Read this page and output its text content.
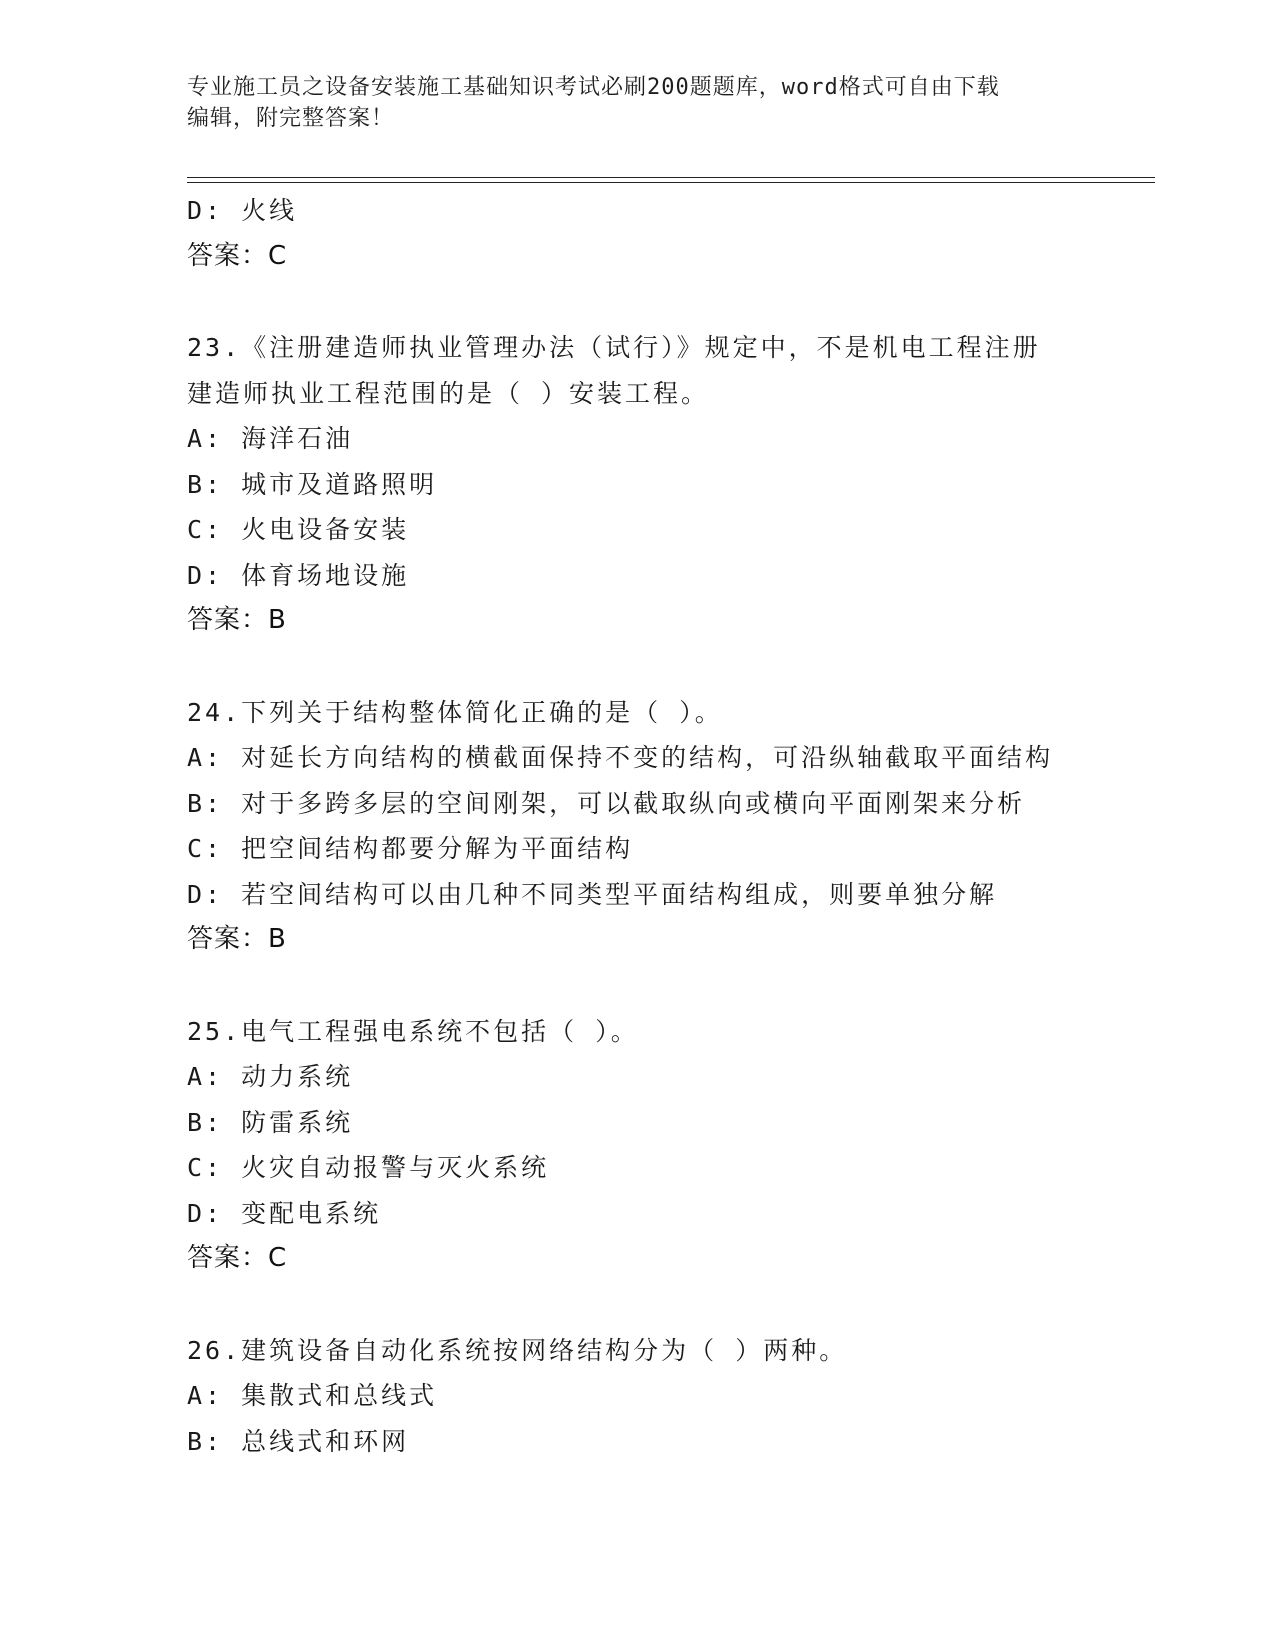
专业施工员之设备安装施工基础知识考试必刷200题题库，word格式可自由下载
编辑，附完整答案！
D: 火线
答案：C
23.《注册建造师执业管理办法（试行）》规定中，不是机电工程注册
建造师执业工程范围的是（ ）安装工程。
A: 海洋石油
B: 城市及道路照明
C: 火电设备安装
D: 体育场地设施
答案：B
24.下列关于结构整体简化正确的是（ ）。
A: 对延长方向结构的横截面保持不变的结构，可沿纵轴截取平面结构
B: 对于多跨多层的空间刚架，可以截取纵向或横向平面刚架来分析
C: 把空间结构都要分解为平面结构
D: 若空间结构可以由几种不同类型平面结构组成，则要单独分解
答案：B
25.电气工程强电系统不包括（ ）。
A: 动力系统
B: 防雷系统
C: 火灾自动报警与灭火系统
D: 变配电系统
答案：C
26.建筑设备自动化系统按网络结构分为（ ）两种。
A: 集散式和总线式
B: 总线式和环网
